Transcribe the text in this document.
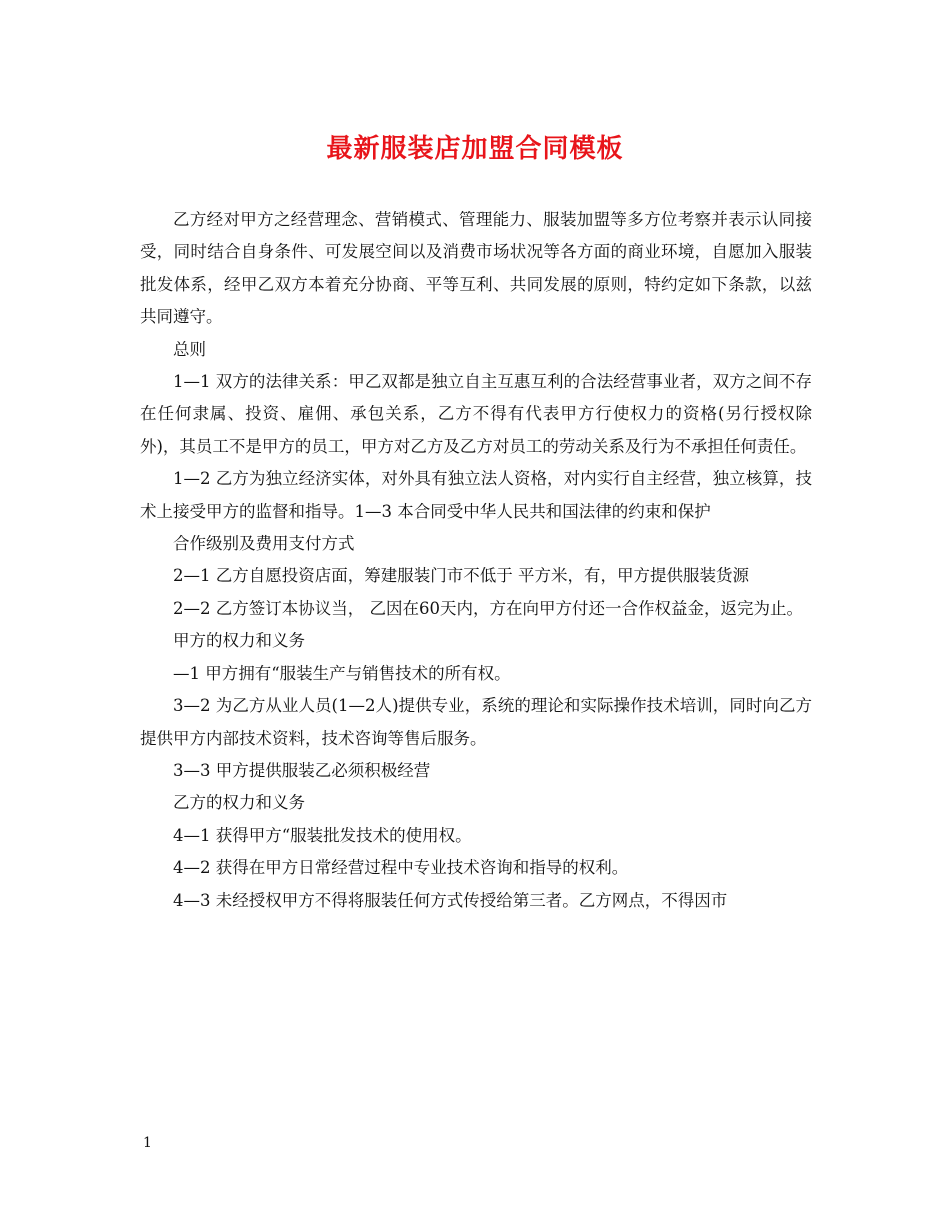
最新服装店加盟合同模板

乙方经对甲方之经营理念、营销模式、管理能力、服装加盟等多方位考察并表示认同接受，同时结合自身条件、可发展空间以及消费市场状况等各方面的商业环境，自愿加入服装批发体系，经甲乙双方本着充分协商、平等互利、共同发展的原则，特约定如下条款，以兹共同遵守。

总则

1—1 双方的法律关系：甲乙双都是独立自主互惠互利的合法经营事业者，双方之间不存在任何隶属、投资、雇佣、承包关系，乙方不得有代表甲方行使权力的资格(另行授权除外)，其员工不是甲方的员工，甲方对乙方及乙方对员工的劳动关系及行为不承担任何责任。

1—2 乙方为独立经济实体，对外具有独立法人资格，对内实行自主经营，独立核算，技术上接受甲方的监督和指导。1—3 本合同受中华人民共和国法律的约束和保护

合作级别及费用支付方式

2—1 乙方自愿投资店面，筹建服装门市不低于 平方米，有，甲方提供服装货源

2—2 乙方签订本协议当， 乙因在60天内，方在向甲方付还一合作权益金，返完为止。

甲方的权力和义务

—1 甲方拥有“服装生产与销售技术的所有权。

3—2 为乙方从业人员(1—2人)提供专业，系统的理论和实际操作技术培训，同时向乙方提供甲方内部技术资料，技术咨询等售后服务。

3—3 甲方提供服装乙必须积极经营

乙方的权力和义务

4—1 获得甲方“服装批发技术的使用权。

4—2 获得在甲方日常经营过程中专业技术咨询和指导的权利。

4—3 未经授权甲方不得将服装任何方式传授给第三者。乙方网点，不得因市

1
